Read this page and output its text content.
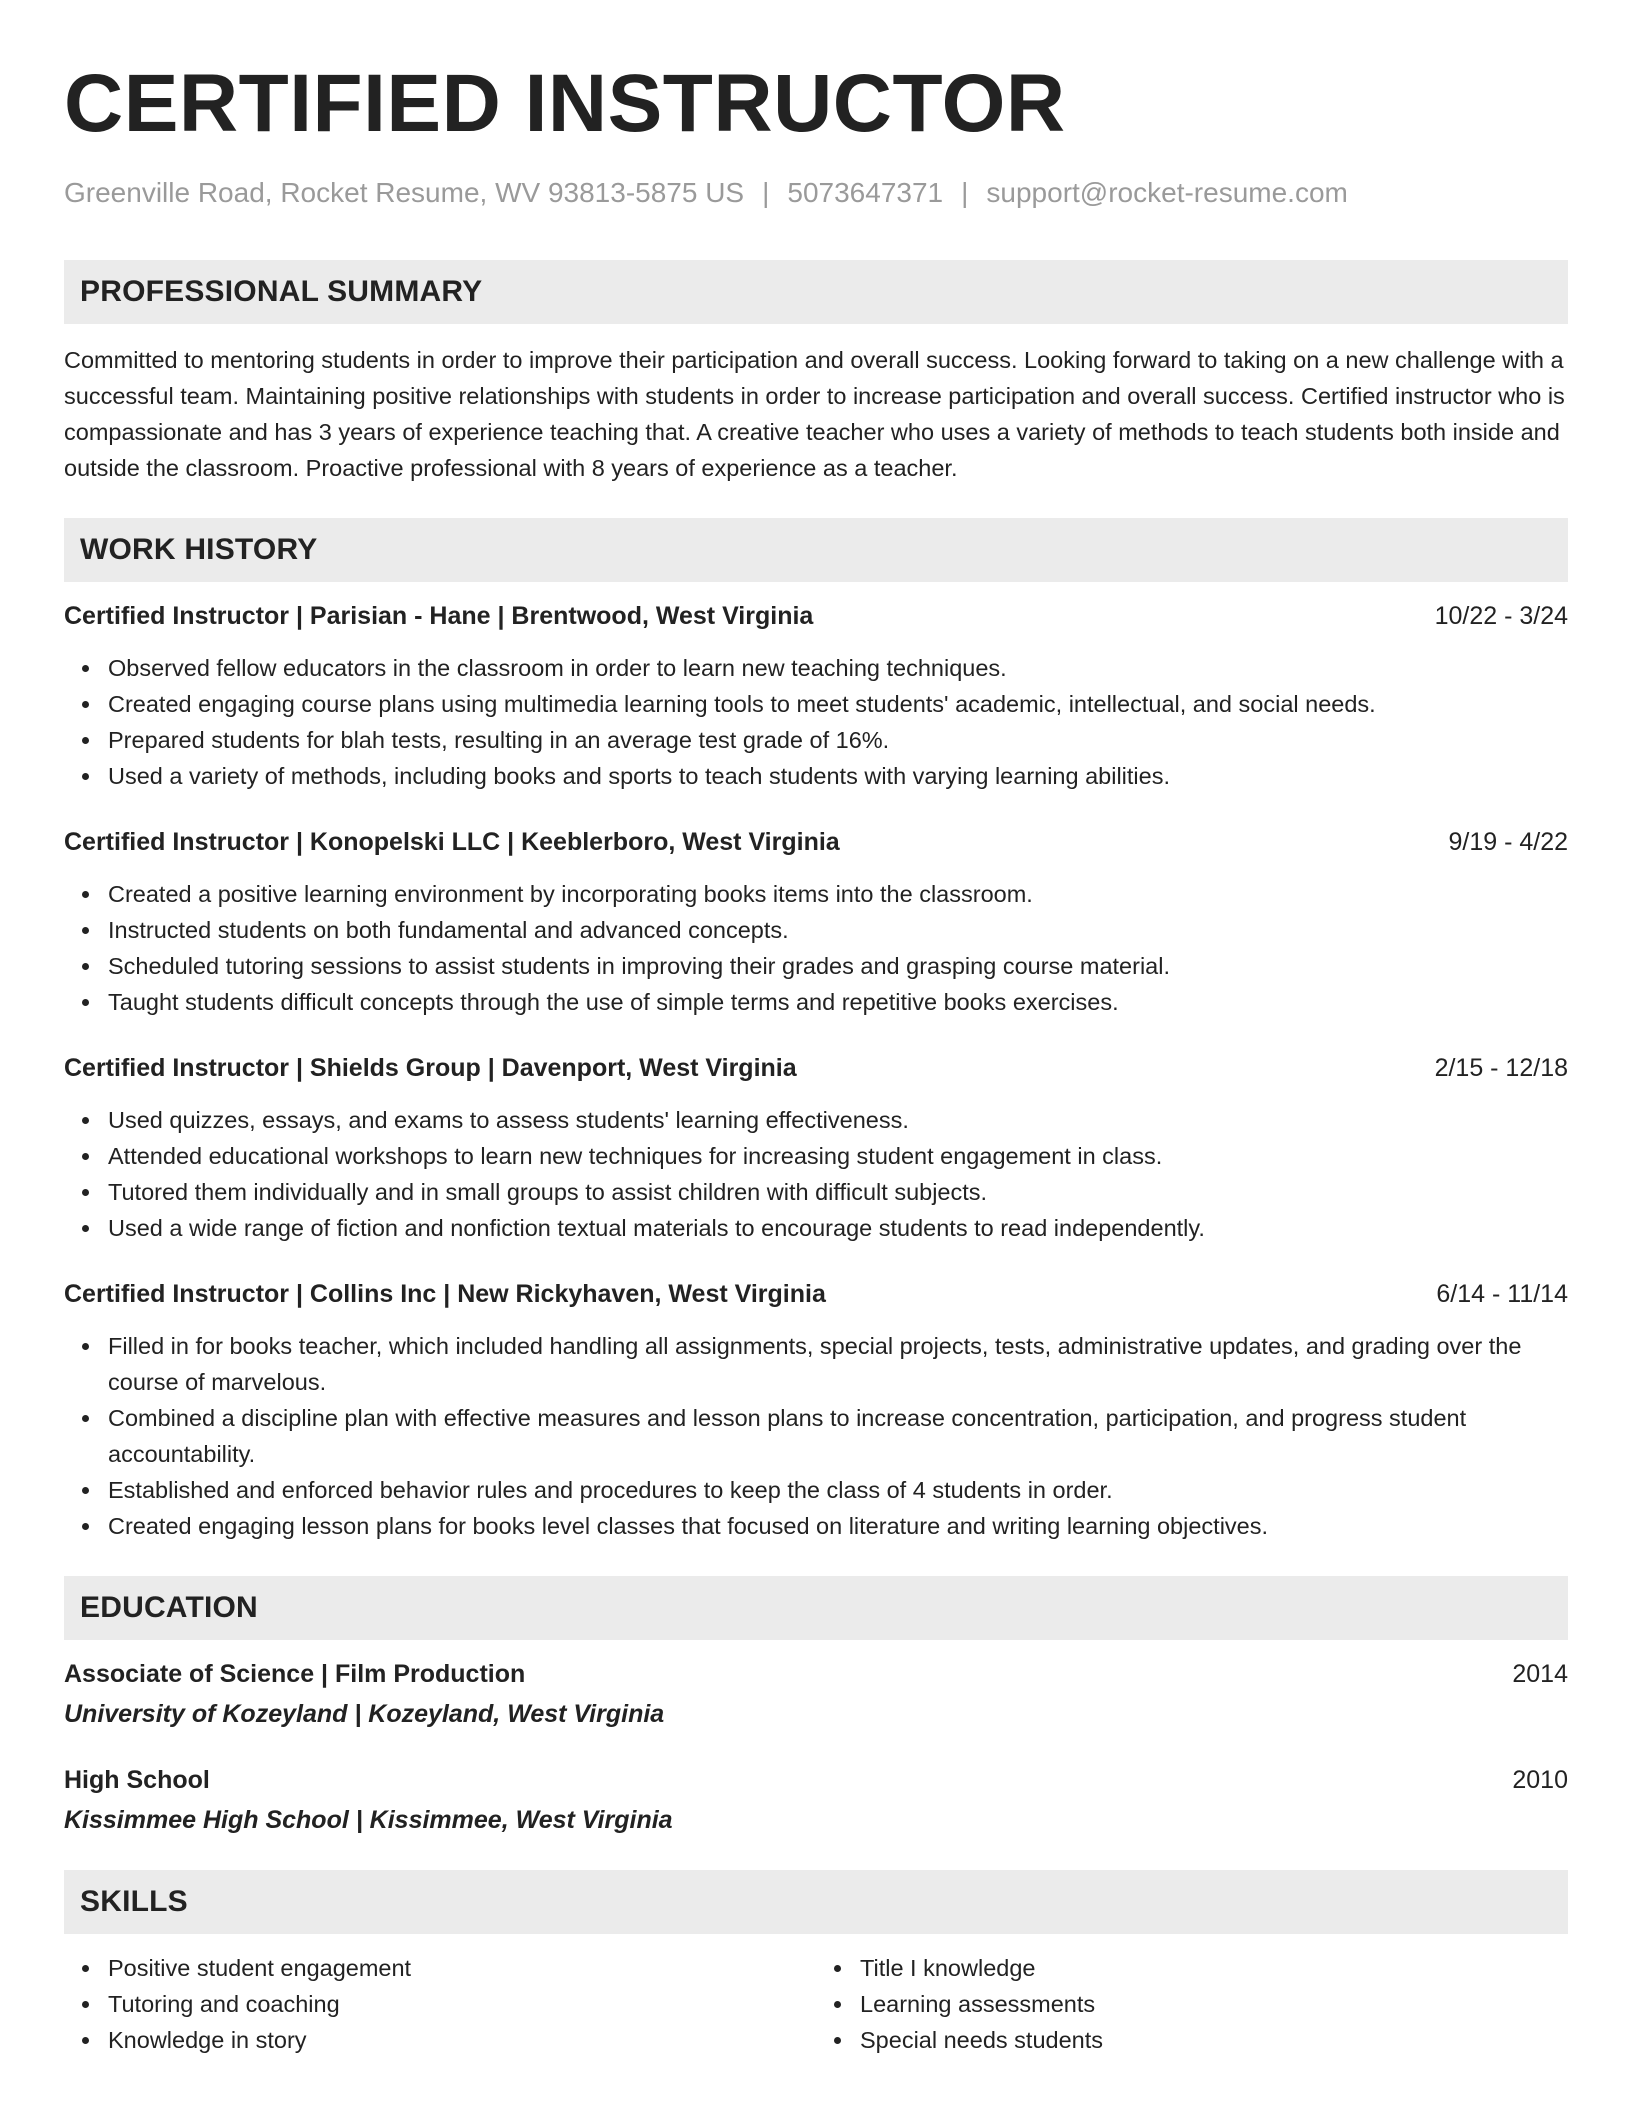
CERTIFIED INSTRUCTOR
Greenville Road, Rocket Resume, WV 93813-5875 US | 5073647371 | support@rocket-resume.com
PROFESSIONAL SUMMARY
Committed to mentoring students in order to improve their participation and overall success. Looking forward to taking on a new challenge with a successful team. Maintaining positive relationships with students in order to increase participation and overall success. Certified instructor who is compassionate and has 3 years of experience teaching that. A creative teacher who uses a variety of methods to teach students both inside and outside the classroom. Proactive professional with 8 years of experience as a teacher.
WORK HISTORY
Certified Instructor | Parisian - Hane | Brentwood, West Virginia	10/22 - 3/24
Observed fellow educators in the classroom in order to learn new teaching techniques.
Created engaging course plans using multimedia learning tools to meet students' academic, intellectual, and social needs.
Prepared students for blah tests, resulting in an average test grade of 16%.
Used a variety of methods, including books and sports to teach students with varying learning abilities.
Certified Instructor | Konopelski LLC | Keeblerboro, West Virginia	9/19 - 4/22
Created a positive learning environment by incorporating books items into the classroom.
Instructed students on both fundamental and advanced concepts.
Scheduled tutoring sessions to assist students in improving their grades and grasping course material.
Taught students difficult concepts through the use of simple terms and repetitive books exercises.
Certified Instructor | Shields Group | Davenport, West Virginia	2/15 - 12/18
Used quizzes, essays, and exams to assess students' learning effectiveness.
Attended educational workshops to learn new techniques for increasing student engagement in class.
Tutored them individually and in small groups to assist children with difficult subjects.
Used a wide range of fiction and nonfiction textual materials to encourage students to read independently.
Certified Instructor | Collins Inc | New Rickyhaven, West Virginia	6/14 - 11/14
Filled in for books teacher, which included handling all assignments, special projects, tests, administrative updates, and grading over the course of marvelous.
Combined a discipline plan with effective measures and lesson plans to increase concentration, participation, and progress student accountability.
Established and enforced behavior rules and procedures to keep the class of 4 students in order.
Created engaging lesson plans for books level classes that focused on literature and writing learning objectives.
EDUCATION
Associate of Science | Film Production	2014
University of Kozeyland | Kozeyland, West Virginia
High School	2010
Kissimmee High School | Kissimmee, West Virginia
SKILLS
Positive student engagement
Tutoring and coaching
Knowledge in story
Title I knowledge
Learning assessments
Special needs students
